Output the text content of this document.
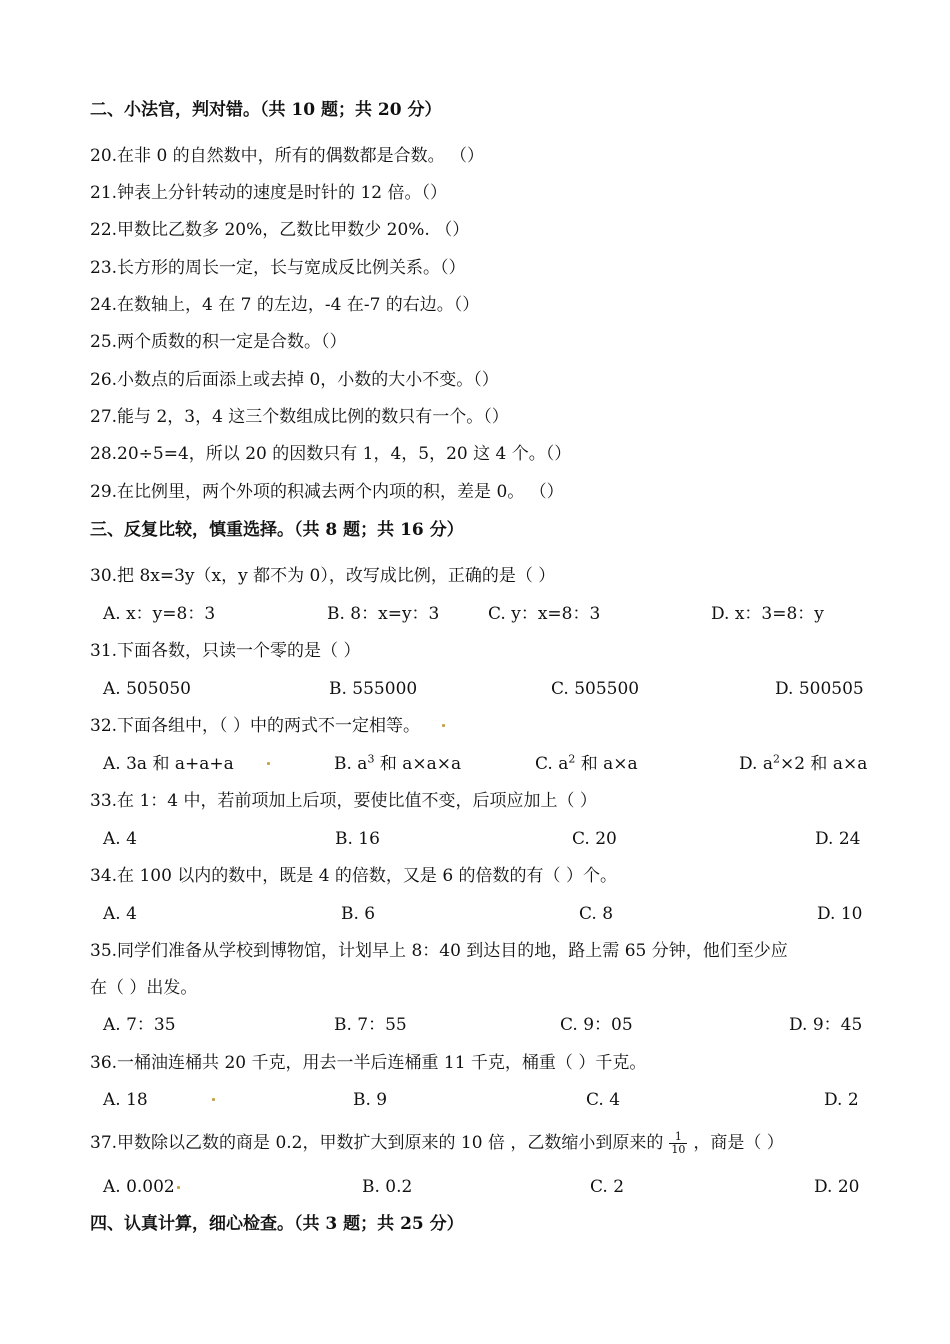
二、小法官，判对错。（共 10 题；共 20 分）
20.在非 0 的自然数中，所有的偶数都是合数。 （）
21.钟表上分针转动的速度是时针的 12 倍。（）
22.甲数比乙数多 20%，乙数比甲数少 20%. （）
23.长方形的周长一定，长与宽成反比例关系。（）
24.在数轴上，4 在 7 的左边，-4 在-7 的右边。（）
25.两个质数的积一定是合数。（）
26.小数点的后面添上或去掉 0，小数的大小不变。（）
27.能与 2，3，4 这三个数组成比例的数只有一个。（）
28.20÷5=4，所以 20 的因数只有 1，4，5，20 这 4 个。（）
29.在比例里，两个外项的积减去两个内项的积，差是 0。 （）
三、反复比较，慎重选择。（共 8 题；共 16 分）
30.把 8x=3y（x，y 都不为 0），改写成比例，正确的是（ ）
A. x：y=8：3	B. 8：x=y：3	C. y：x=8：3	D. x：3=8：y
31.下面各数，只读一个零的是（ ）
A. 505050	B. 555000	C. 505500	D. 500505
32.下面各组中，（ ）中的两式不一定相等。
A. 3a 和 a+a+a	B. $a^3$ 和 a×a×a	C. $a^2$ 和 a×a	D. $a^2\times 2$ 和 a×a
33.在 1：4 中，若前项加上后项，要使比值不变，后项应加上（ ）
A. 4	B. 16	C. 20	D. 24
34.在 100 以内的数中，既是 4 的倍数，又是 6 的倍数的有（ ）个。
A. 4	B. 6	C. 8	D. 10
35.同学们准备从学校到博物馆，计划早上 8：40 到达目的地，路上需 65 分钟，他们至少应
在（ ）出发。
A. 7：35	B. 7：55	C. 9：05	D. 9：45
36.一桶油连桶共 20 千克，用去一半后连桶重 11 千克，桶重（ ）千克。
A. 18	B. 9	C. 4	D. 2
37.甲数除以乙数的商是 0.2，甲数扩大到原来的 10 倍 ，乙数缩小到原来的 $\frac{1}{10}$ ，商是（ ）
A. 0.002	B. 0.2	C. 2	D. 20
四、认真计算，细心检查。（共 3 题；共 25 分）
